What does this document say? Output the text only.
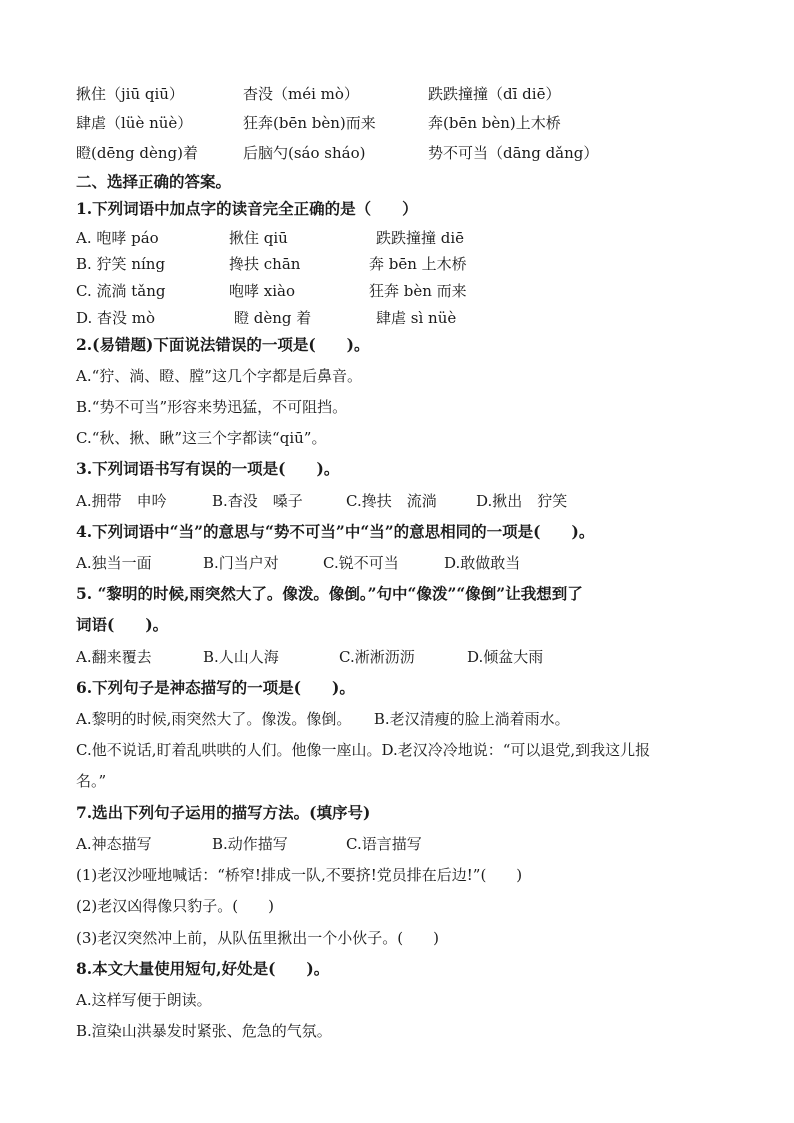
揪住（jiū qiū）	杳没（méi mò）	跌跌撞撞（dī diē）
肆虐（lüè nüè）	狂奔(bēn bèn)而来	奔(bēn bèn)上木桥
瞪(dēng dèng)着	后脑勺(sáo sháo)	势不可当（dāng dǎng）
二、选择正确的答案。
1.下列词语中加点字的读音完全正确的是（　　）
A. 咆哮 páo	揪住 qiū	跌跌撞撞 diē
B. 狞笑 níng	搀扶 chān	奔 bēn 上木桥
C. 流淌 tǎng	咆哮 xiào	狂奔 bèn 而来
D. 杳没 mò	瞪 dèng 着	肆虐 sì nüè
2.(易错题)下面说法错误的一项是(　　)。
A.“狞、淌、瞪、膛”这几个字都是后鼻音。
B.“势不可当”形容来势迅猛，不可阻挡。
C.“秋、揪、瞅”这三个字都读“qiū”。
3.下列词语书写有误的一项是(　　)。
A.拥带　申吟	B.杳没　嗓子	C.搀扶　流淌	D.揪出　狞笑
4.下列词语中“当”的意思与“势不可当”中“当”的意思相同的一项是(　　)。
A.独当一面	B.门当户对	C.锐不可当	D.敢做敢当
5. “黎明的时候,雨突然大了。像泼。像倒。”句中“像泼”“像倒”让我想到了
词语(　　)。
A.翻来覆去	B.人山人海	C.淅淅沥沥	D.倾盆大雨
6.下列句子是神态描写的一项是(　　)。
A.黎明的时候,雨突然大了。像泼。像倒。　　B.老汉清瘦的脸上淌着雨水。
C.他不说话,盯着乱哄哄的人们。他像一座山。D.老汉冷冷地说：“可以退党,到我这儿报
名。”
7.选出下列句子运用的描写方法。(填序号)
A.神态描写	B.动作描写	C.语言描写
(1)老汉沙哑地喊话：“桥窄!排成一队,不要挤!党员排在后边!”(　　)
(2)老汉凶得像只豹子。(　　)
(3)老汉突然冲上前，从队伍里揪出一个小伙子。(　　)
8.本文大量使用短句,好处是(　　)。
A.这样写便于朗读。
B.渲染山洪暴发时紧张、危急的气氛。
